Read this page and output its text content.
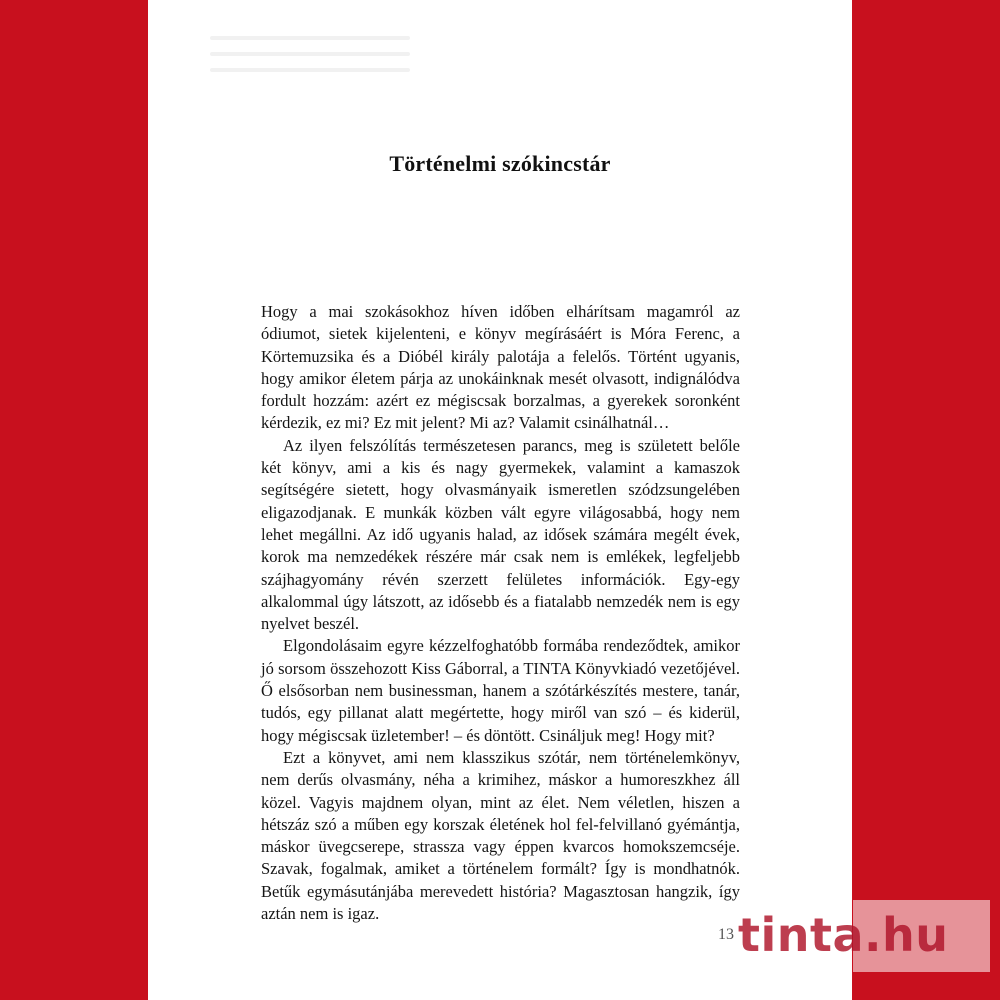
Történelmi szókincstár

Hogy a mai szokásokhoz híven időben elhárítsam magamról az ódiumot, sietek kijelenteni, e könyv megírásáért is Móra Ferenc, a Körtemuzsika és a Dióbél király palotája a felelős. Történt ugyanis, hogy amikor életem párja az unokáinknak mesét olvasott, indignálódva fordult hozzám: azért ez mégiscsak borzalmas, a gyerekek soronként kérdezik, ez mi? Ez mit jelent? Mi az? Valamit csinálhatnál…

Az ilyen felszólítás természetesen parancs, meg is született belőle két könyv, ami a kis és nagy gyermekek, valamint a kamaszok segítségére sietett, hogy olvasmányaik ismeretlen szódzsungelében eligazodjanak. E munkák közben vált egyre világosabbá, hogy nem lehet megállni. Az idő ugyanis halad, az idősek számára megélt évek, korok ma nemzedékek részére már csak nem is emlékek, legfeljebb szájhagyomány révén szerzett felületes információk. Egy-egy alkalommal úgy látszott, az idősebb és a fiatalabb nemzedék nem is egy nyelvet beszél.

Elgondolásaim egyre kézzelfoghatóbb formába rendeződtek, amikor jó sorsom összehozott Kiss Gáborral, a TINTA Könyvkiadó vezetőjével. Ő elsősorban nem businessman, hanem a szótárkészítés mestere, tanár, tudós, egy pillanat alatt megértette, hogy miről van szó – és kiderül, hogy mégiscsak üzletember! – és döntött. Csináljuk meg! Hogy mit?

Ezt a könyvet, ami nem klasszikus szótár, nem történelemkönyv, nem derűs olvasmány, néha a krimihez, máskor a humoreszkhez áll közel. Vagyis majdnem olyan, mint az élet. Nem véletlen, hiszen a hétszáz szó a műben egy korszak életének hol fel-felvillanó gyémántja, máskor üvegcserepe, strassza vagy éppen kvarcos homokszemcséje. Szavak, fogalmak, amiket a történelem formált? Így is mondhatnók. Betűk egymásutánjába merevedett história? Magasztosan hangzik, így aztán nem is igaz.

13 tinta.hu
